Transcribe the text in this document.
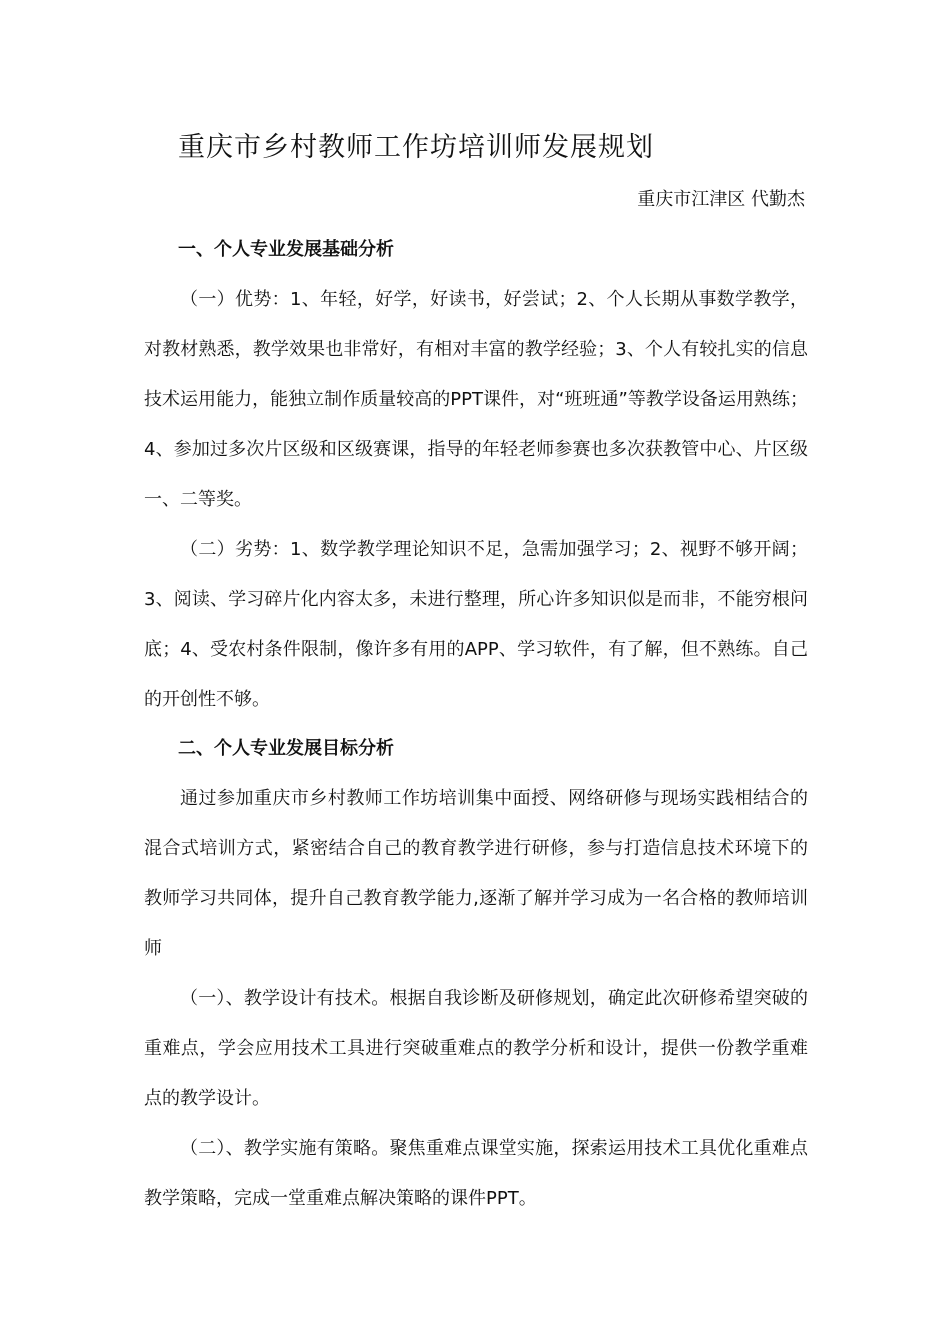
重庆市乡村教师工作坊培训师发展规划
重庆市江津区 代勤杰
一、个人专业发展基础分析

（一）优势：1、年轻，好学，好读书，好尝试；2、个人长期从事数学教学，对教材熟悉，教学效果也非常好，有相对丰富的教学经验；3、个人有较扎实的信息技术运用能力，能独立制作质量较高的PPT课件，对“班班通”等教学设备运用熟练；4、参加过多次片区级和区级赛课，指导的年轻老师参赛也多次获教管中心、片区级一、二等奖。

（二）劣势：1、数学教学理论知识不足，急需加强学习；2、视野不够开阔；3、阅读、学习碎片化内容太多，未进行整理，所心许多知识似是而非，不能穷根问底；4、受农村条件限制，像许多有用的APP、学习软件，有了解，但不熟练。自己的开创性不够。

二、个人专业发展目标分析

通过参加重庆市乡村教师工作坊培训集中面授、网络研修与现场实践相结合的混合式培训方式，紧密结合自己的教育教学进行研修，参与打造信息技术环境下的教师学习共同体，提升自己教育教学能力,逐渐了解并学习成为一名合格的教师培训师

（一）、教学设计有技术。根据自我诊断及研修规划，确定此次研修希望突破的重难点，学会应用技术工具进行突破重难点的教学分析和设计，提供一份教学重难点的教学设计。

（二）、教学实施有策略。聚焦重难点课堂实施，探索运用技术工具优化重难点教学策略，完成一堂重难点解决策略的课件PPT。
